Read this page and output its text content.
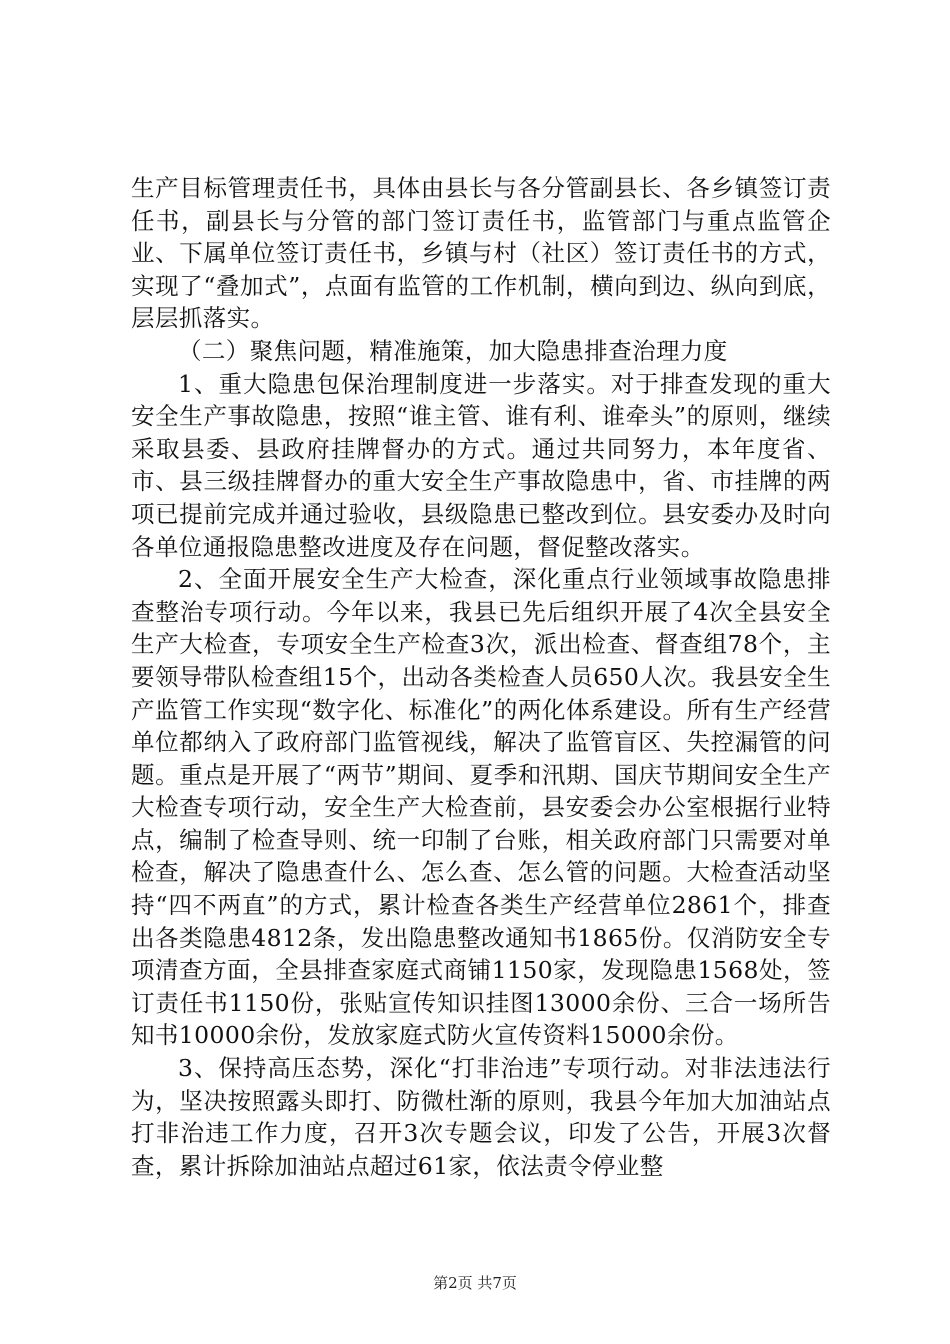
生产目标管理责任书，具体由县长与各分管副县长、各乡镇签订责任书，副县长与分管的部门签订责任书，监管部门与重点监管企业、下属单位签订责任书，乡镇与村（社区）签订责任书的方式，实现了“叠加式”，点面有监管的工作机制，横向到边、纵向到底，层层抓落实。

（二）聚焦问题，精准施策，加大隐患排查治理力度

1、重大隐患包保治理制度进一步落实。对于排查发现的重大安全生产事故隐患，按照“谁主管、谁有利、谁牵头”的原则，继续采取县委、县政府挂牌督办的方式。通过共同努力，本年度省、市、县三级挂牌督办的重大安全生产事故隐患中，省、市挂牌的两项已提前完成并通过验收，县级隐患已整改到位。县安委办及时向各单位通报隐患整改进度及存在问题，督促整改落实。

2、全面开展安全生产大检查，深化重点行业领域事故隐患排查整治专项行动。今年以来，我县已先后组织开展了4次全县安全生产大检查，专项安全生产检查3次，派出检查、督查组78个，主要领导带队检查组15个，出动各类检查人员650人次。我县安全生产监管工作实现“数字化、标准化”的两化体系建设。所有生产经营单位都纳入了政府部门监管视线，解决了监管盲区、失控漏管的问题。重点是开展了“两节”期间、夏季和汛期、国庆节期间安全生产大检查专项行动，安全生产大检查前，县安委会办公室根据行业特点，编制了检查导则、统一印制了台账，相关政府部门只需要对单检查，解决了隐患查什么、怎么查、怎么管的问题。大检查活动坚持“四不两直”的方式，累计检查各类生产经营单位2861个，排查出各类隐患4812条，发出隐患整改通知书1865份。仅消防安全专项清查方面，全县排查家庭式商铺1150家，发现隐患1568处，签订责任书1150份，张贴宣传知识挂图13000余份、三合一场所告知书10000余份，发放家庭式防火宣传资料15000余份。

3、保持高压态势，深化“打非治违”专项行动。对非法违法行为，坚决按照露头即打、防微杜渐的原则，我县今年加大加油站点打非治违工作力度，召开3次专题会议，印发了公告，开展3次督查，累计拆除加油站点超过61家，依法责令停业整

第2页 共7页
